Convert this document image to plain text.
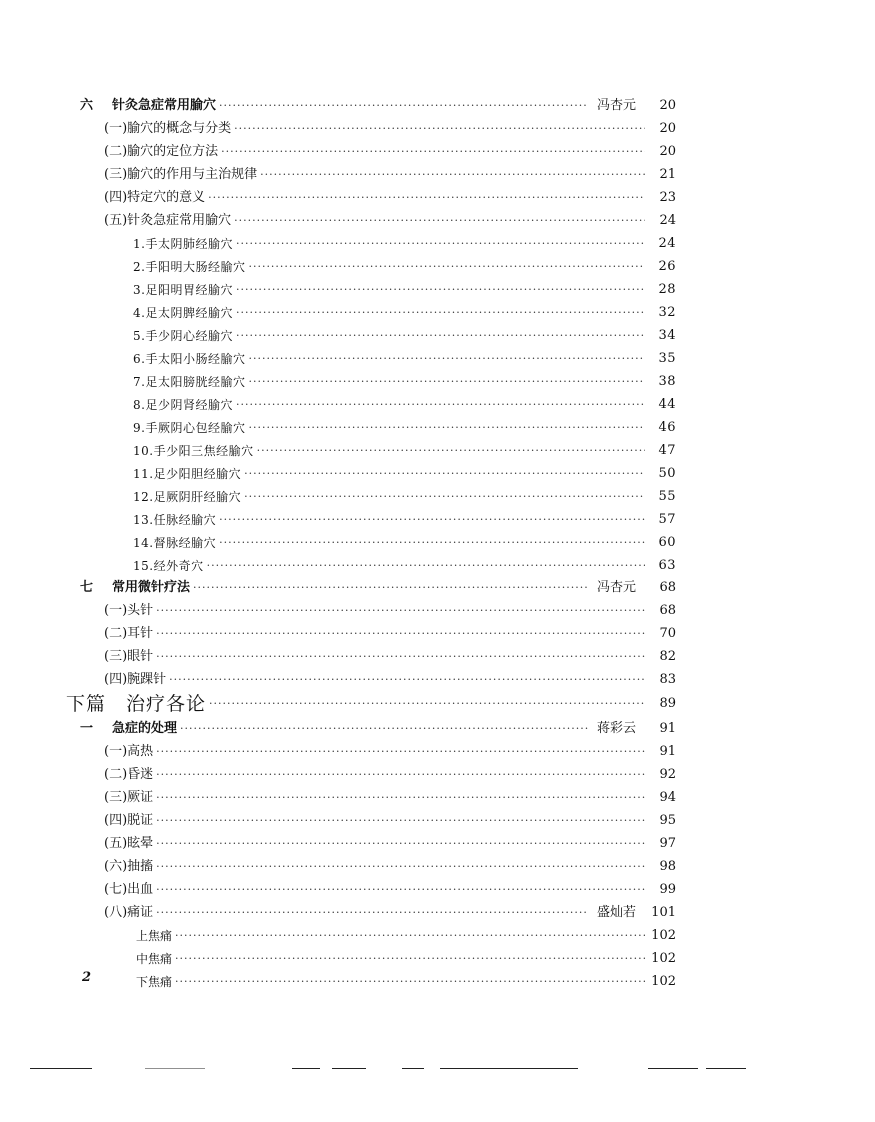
六 针灸急症常用腧穴 ·····	冯杏元	20
(一)腧穴的概念与分类 ·····	20
(二)腧穴的定位方法 ·····	20
(三)腧穴的作用与主治规律 ·····	21
(四)特定穴的意义 ·····	23
(五)针灸急症常用腧穴 ·····	24
1.手太阴肺经腧穴 ·····	24
2.手阳明大肠经腧穴 ·····	26
3.足阳明胃经腧穴 ·····	28
4.足太阴脾经腧穴 ·····	32
5.手少阴心经腧穴 ·····	34
6.手太阳小肠经腧穴 ·····	35
7.足太阳膀胱经腧穴 ·····	38
8.足少阴肾经腧穴 ·····	44
9.手厥阴心包经腧穴 ·····	46
10.手少阳三焦经腧穴 ·····	47
11.足少阳胆经腧穴 ·····	50
12.足厥阴肝经腧穴 ·····	55
13.任脉经腧穴 ·····	57
14.督脉经腧穴 ·····	60
15.经外奇穴 ·····	63
七 常用微针疗法 ·····	冯杏元	68
(一)头针 ·····	68
(二)耳针 ·····	70
(三)眼针 ·····	82
(四)腕踝针 ·····	83
下篇　治疗各论 ·····	89
一 急症的处理 ·····	蒋彩云	91
(一)高热 ·····	91
(二)昏迷 ·····	92
(三)厥证 ·····	94
(四)脱证 ·····	95
(五)眩晕 ·····	97
(六)抽搐 ·····	98
(七)出血 ·····	99
(八)痛证 ·····	盛灿若 101
上焦痛 ·····	102
中焦痛 ·····	102
下焦痛 ·····	102
2
